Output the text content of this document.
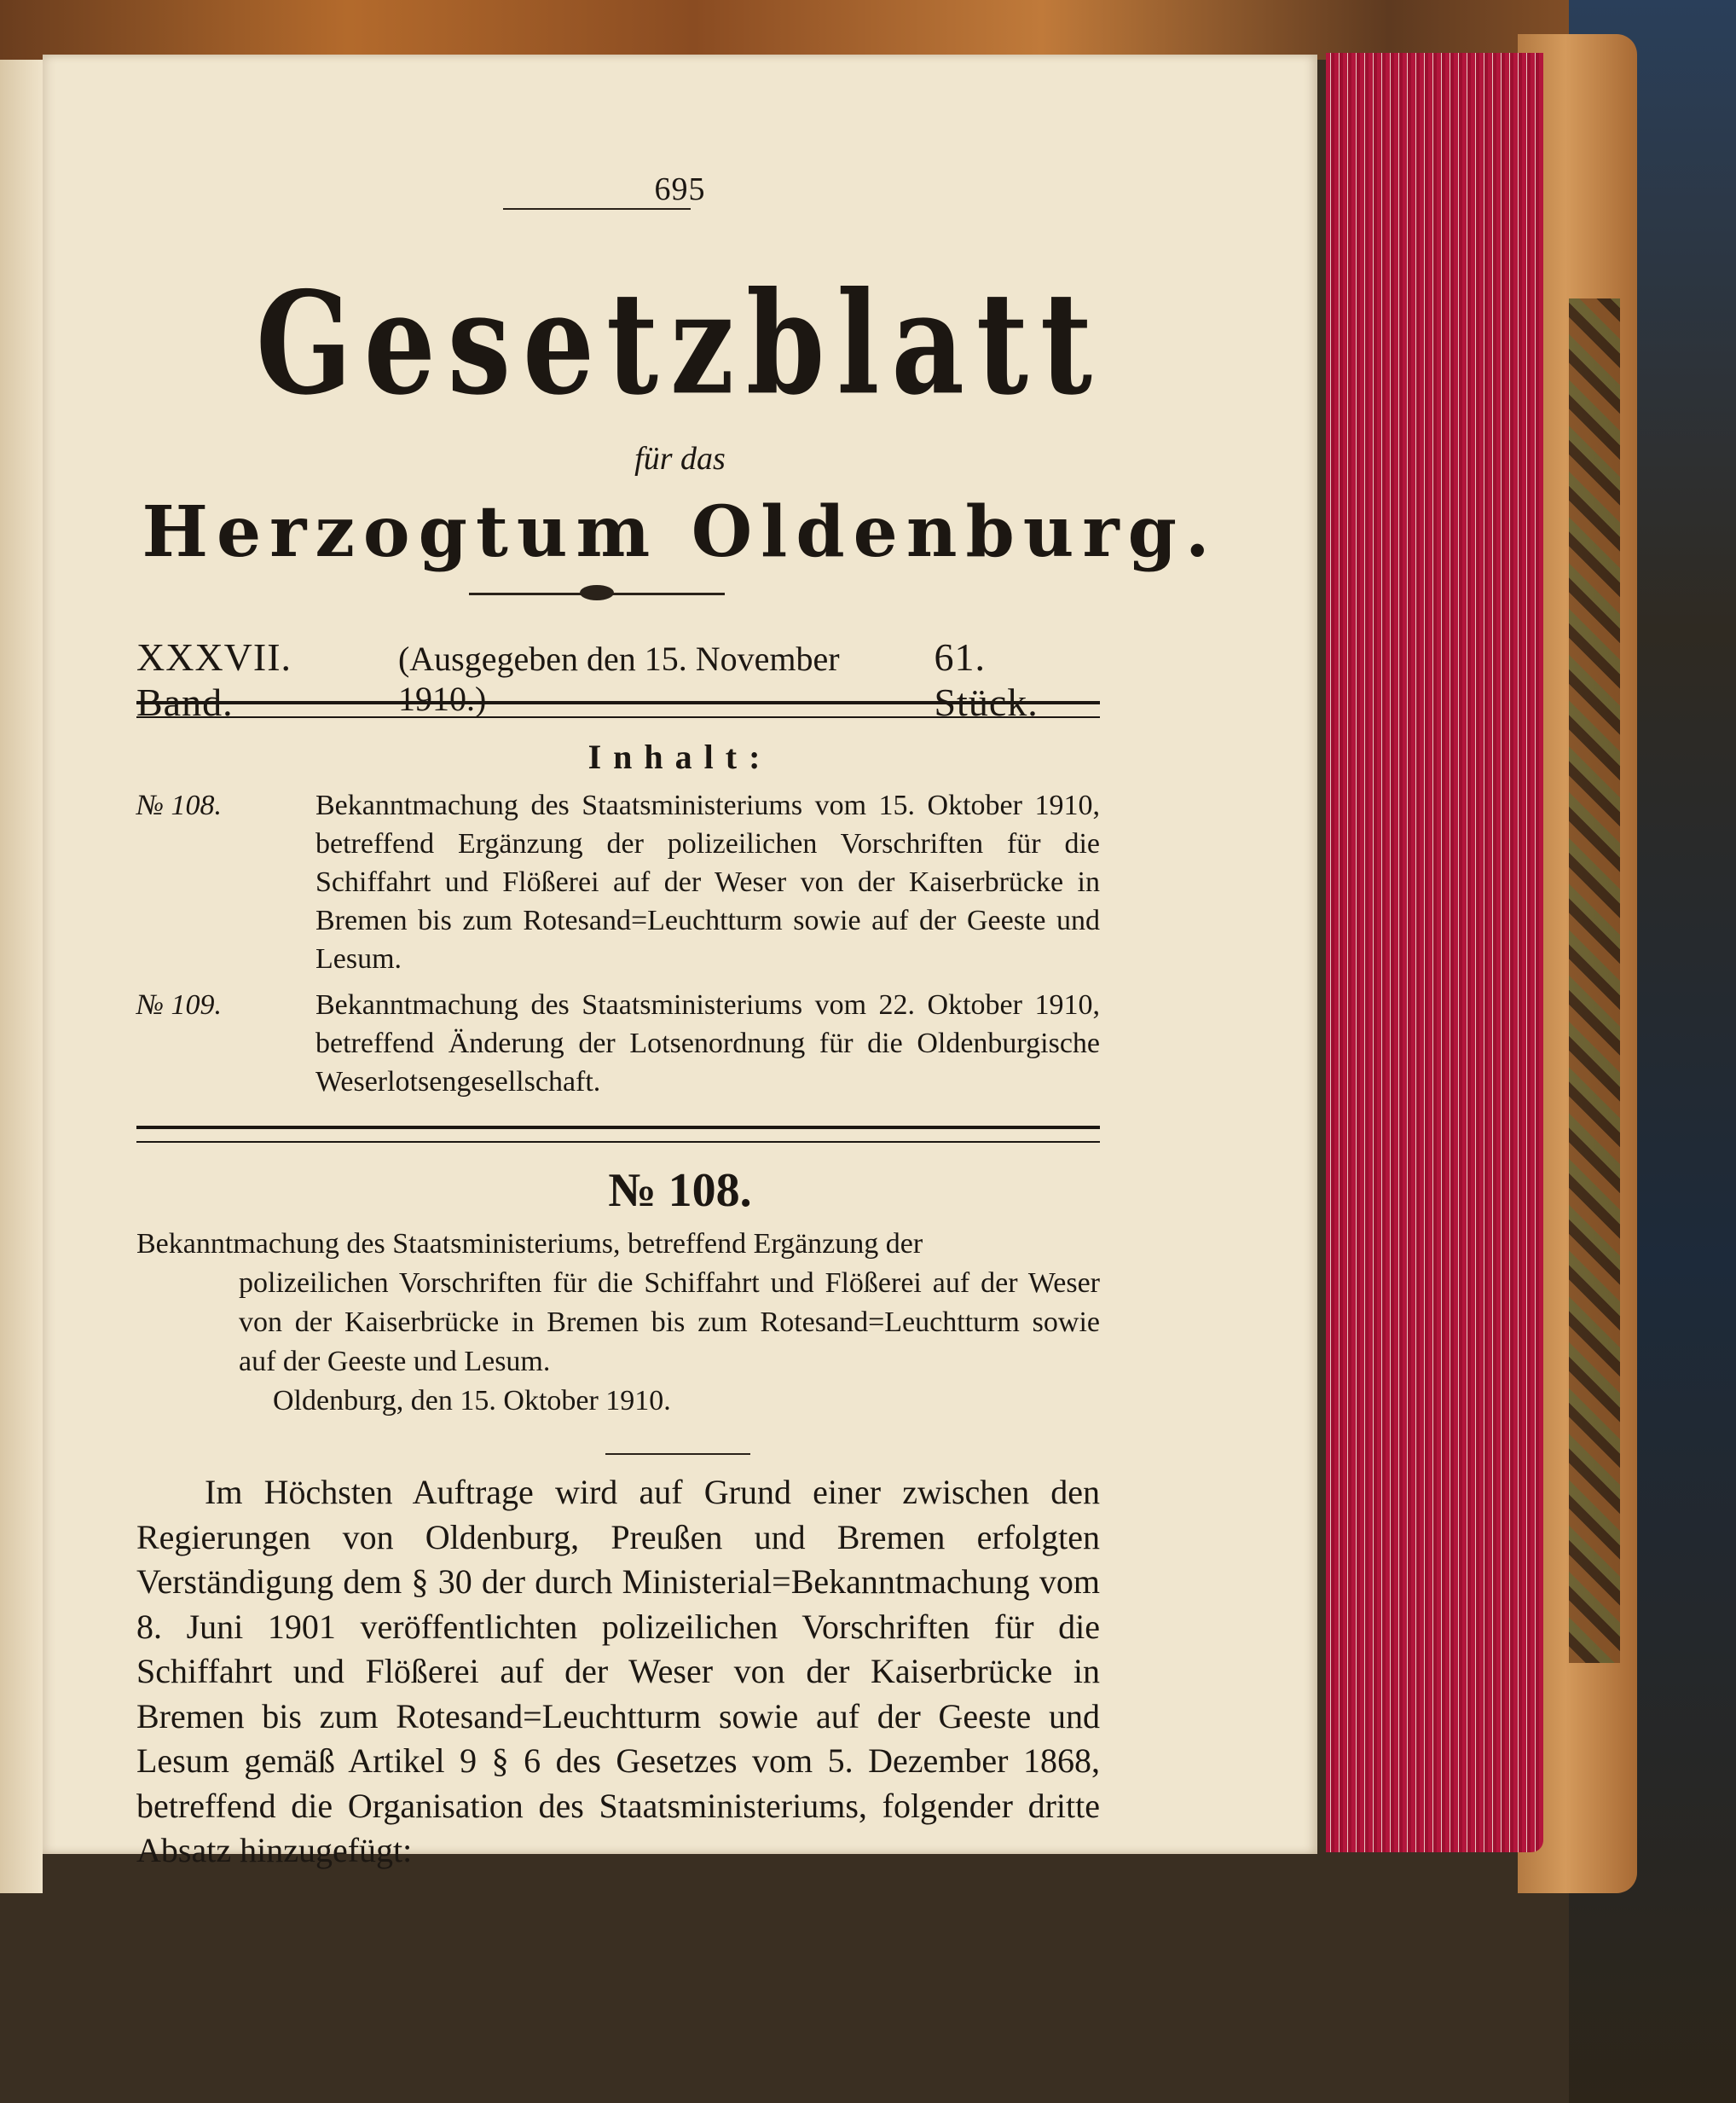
695
Gesetzblatt
für das
Herzogtum Oldenburg.
XXXVII. Band.
(Ausgegeben den 15. November 1910.)
61. Stück.
Inhalt:
№ 108.	Bekanntmachung des Staatsministeriums vom 15. Oktober 1910, betreffend Ergänzung der polizeilichen Vorschriften für die Schiffahrt und Flößerei auf der Weser von der Kaiserbrücke in Bremen bis zum Rotesand=Leuchtturm sowie auf der Geeste und Lesum.
№ 109.	Bekanntmachung des Staatsministeriums vom 22. Oktober 1910, betreffend Änderung der Lotsenordnung für die Oldenburgische Weserlotsengesellschaft.
№ 108.
Bekanntmachung des Staatsministeriums, betreffend Ergänzung der
polizeilichen Vorschriften für die Schiffahrt und Flößerei auf der Weser von der Kaiserbrücke in Bremen bis zum Rotesand=Leuchtturm sowie auf der Geeste und Lesum.
Oldenburg, den 15. Oktober 1910.
Im Höchsten Auftrage wird auf Grund einer zwischen den Regierungen von Oldenburg, Preußen und Bremen erfolgten Verständigung dem § 30 der durch Ministerial=Bekanntmachung vom 8. Juni 1901 veröffentlichten polizeilichen Vorschriften für die Schiffahrt und Flößerei auf der Weser von der Kaiserbrücke in Bremen bis zum Rotesand=Leuchtturm sowie auf der Geeste und Lesum gemäß Artikel 9 § 6 des Gesetzes vom 5. Dezember 1868, betreffend die Organisation des Staatsministeriums, folgender dritte Absatz hinzugefügt:
